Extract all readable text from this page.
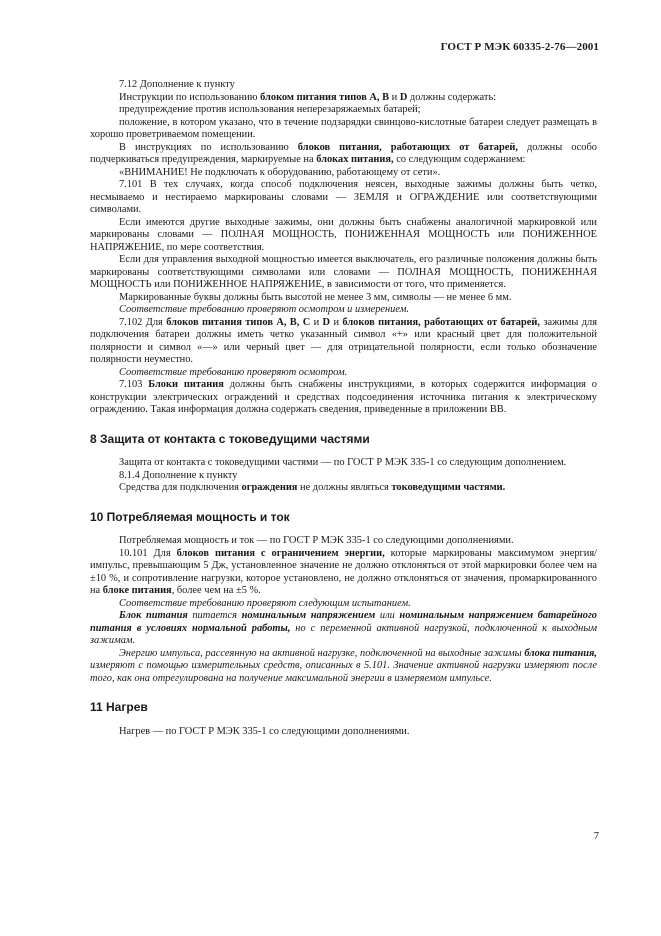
ГОСТ Р МЭК 60335-2-76—2001

7.12 Дополнение к пункту

Инструкции по использованию блоком питания типов А, В и D должны содержать:

предупреждение против использования неперезаряжаемых батарей;

положение, в котором указано, что в течение подзарядки свинцово-кислотные батареи следует размещать в хорошо проветриваемом помещении.

В инструкциях по использованию блоков питания, работающих от батарей, должны особо подчеркиваться предупреждения, маркируемые на блоках питания, со следующим содержанием:

«ВНИМАНИЕ! Не подключать к оборудованию, работающему от сети».

7.101 В тех случаях, когда способ подключения неясен, выходные зажимы должны быть четко, несмываемо и нестираемо маркированы словами — ЗЕМЛЯ и ОГРАЖДЕНИЕ или соответствующими символами.

Если имеются другие выходные зажимы, они должны быть снабжены аналогичной маркировкой или маркированы словами — ПОЛНАЯ МОЩНОСТЬ, ПОНИЖЕННАЯ МОЩНОСТЬ или ПОНИЖЕННОЕ НАПРЯЖЕНИЕ, по мере соответствия.

Если для управления выходной мощностью имеется выключатель, его различные положения должны быть маркированы соответствующими символами или словами — ПОЛНАЯ МОЩНОСТЬ, ПОНИЖЕННАЯ МОЩНОСТЬ или ПОНИЖЕННОЕ НАПРЯЖЕНИЕ, в зависимости от того, что применяется.

Маркированные буквы должны быть высотой не менее 3 мм, символы — не менее 6 мм.

Соответствие требованию проверяют осмотром и измерением.

7.102 Для блоков питания типов А, В, С и D и блоков питания, работающих от батарей, зажимы для подключения батареи должны иметь четко указанный символ «+» или красный цвет для положительной полярности и символ «—» или черный цвет — для отрицательной полярности, если только обозначение полярности неуместно.

Соответствие требованию проверяют осмотром.

7.103 Блоки питания должны быть снабжены инструкциями, в которых содержится информация о конструкции электрических ограждений и средствах подсоединения источника питания к электрическому ограждению. Такая информация должна содержать сведения, приведенные в приложении ВВ.

8 Защита от контакта с токоведущими частями

Защита от контакта с токоведущими частями — по ГОСТ Р МЭК 335-1 со следующим дополнением.

8.1.4 Дополнение к пункту

Средства для подключения ограждения не должны являться токоведущими частями.

10 Потребляемая мощность и ток

Потребляемая мощность и ток — по ГОСТ Р МЭК 335-1 со следующими дополнениями.

10.101 Для блоков питания с ограничением энергии, которые маркированы максимумом энергия/импульс, превышающим 5 Дж, установленное значение не должно отклоняться от этой маркировки более чем на ±10 %, и сопротивление нагрузки, которое установлено, не должно отклоняться от значения, промаркированного на блоке питания, более чем на ±5 %.

Соответствие требованию проверяют следующим испытанием.

Блок питания питается номинальным напряжением или номинальным напряжением батарейного питания в условиях нормальной работы, но с переменной активной нагрузкой, подключенной к выходным зажимам.

Энергию импульса, рассеянную на активной нагрузке, подключенной на выходные зажимы блока питания, измеряют с помощью измерительных средств, описанных в 5.101. Значение активной нагрузки измеряют после того, как она отрегулирована на получение максимальной энергии в измеряемом импульсе.

11 Нагрев

Нагрев — по ГОСТ Р МЭК 335-1 со следующими дополнениями.

7
